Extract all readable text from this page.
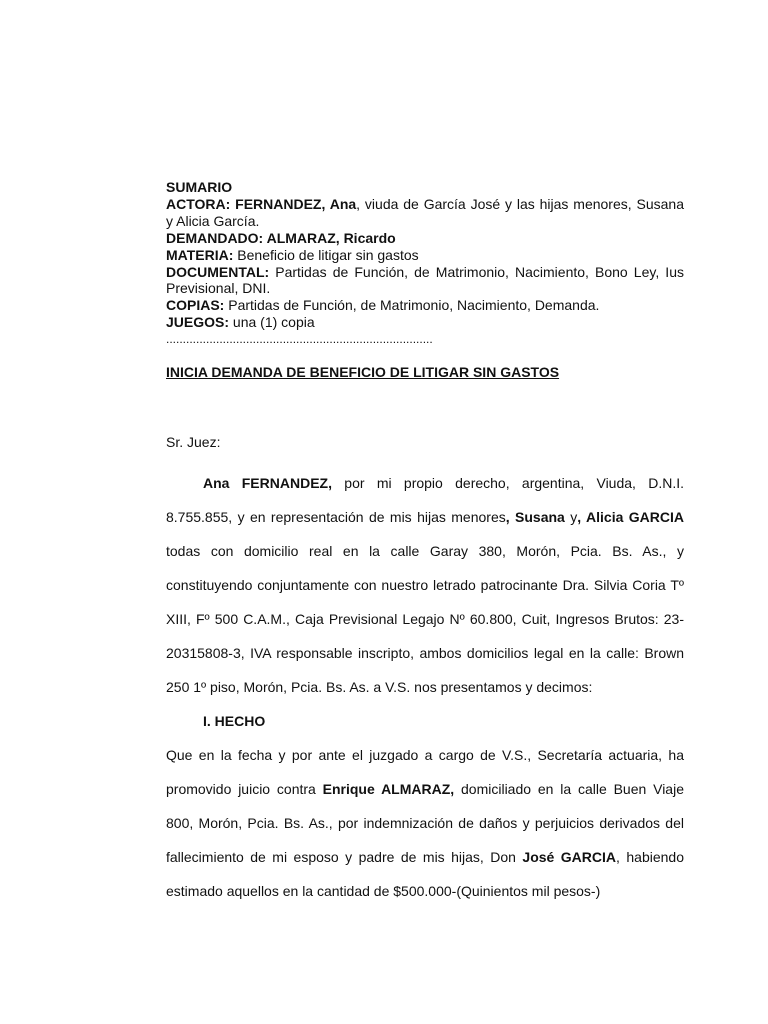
SUMARIO

ACTORA: FERNANDEZ, Ana, viuda de García José y las hijas menores, Susana y Alicia García.

DEMANDADO: ALMARAZ, Ricardo

MATERIA: Beneficio de litigar sin gastos

DOCUMENTAL: Partidas de Función, de Matrimonio, Nacimiento, Bono Ley, Ius Previsional, DNI.

COPIAS: Partidas de Función, de Matrimonio, Nacimiento, Demanda.

JUEGOS: una (1) copia

................................................................................
INICIA DEMANDA DE BENEFICIO DE LITIGAR SIN GASTOS
Sr. Juez:

Ana FERNANDEZ, por mi propio derecho, argentina, Viuda, D.N.I. 8.755.855, y en representación de mis hijas menores, Susana y, Alicia GARCIA todas con domicilio real en la calle Garay 380, Morón, Pcia. Bs. As., y constituyendo conjuntamente con nuestro letrado patrocinante Dra. Silvia Coria Tº XIII, Fº 500 C.A.M., Caja Previsional Legajo Nº 60.800, Cuit, Ingresos Brutos: 23-20315808-3, IVA responsable inscripto, ambos domicilios legal en la calle: Brown 250 1º piso, Morón, Pcia. Bs. As. a V.S. nos presentamos y decimos:

I. HECHO

Que en la fecha y por ante el juzgado a cargo de V.S., Secretaría actuaria, ha promovido juicio contra Enrique ALMARAZ, domiciliado en la calle Buen Viaje 800, Morón, Pcia. Bs. As., por indemnización de daños y perjuicios derivados del fallecimiento de mi esposo y padre de mis hijas, Don José GARCIA, habiendo estimado aquellos en la cantidad de $500.000-(Quinientos mil pesos-)
